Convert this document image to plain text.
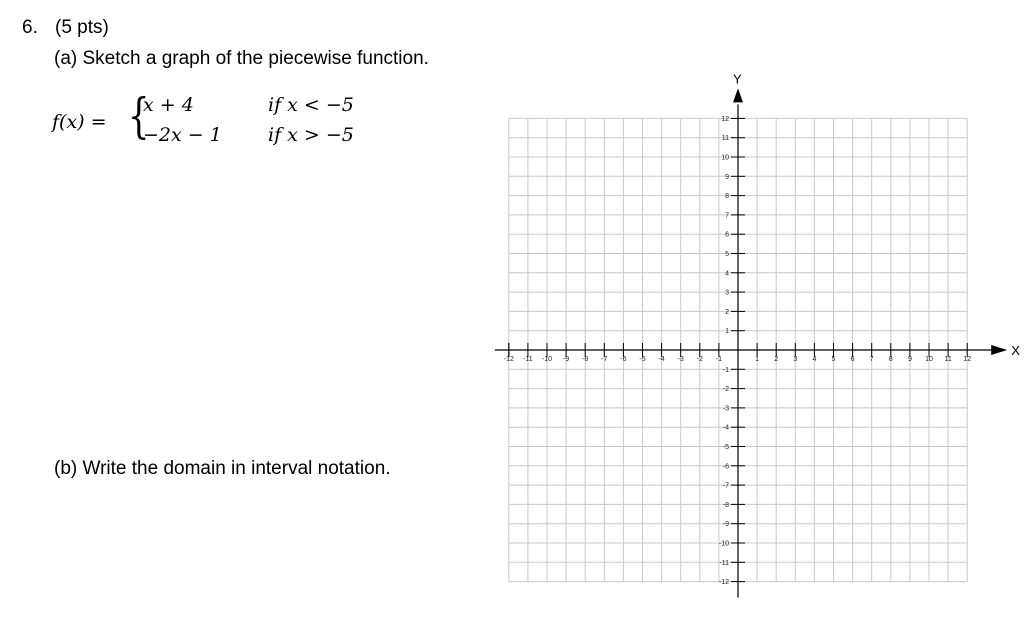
6. (5 pts)
(a) Sketch a graph of the piecewise function.
f(x) = {
x + 4
−2x − 1
if x < −5
if x > −5
(b) Write the domain in interval notation.
-12 -11 -10 -9 -8 -7 -6 -5 -4 -3 -2 -1	1 2 3 4 5 6 7 8 9 10 11 12
12
11
10
9
8
7
6
5
4
3
2
1
-1
-2
-3
-4
-5
-6
-7
-8
-9
-10
-11
-12
X
Y
